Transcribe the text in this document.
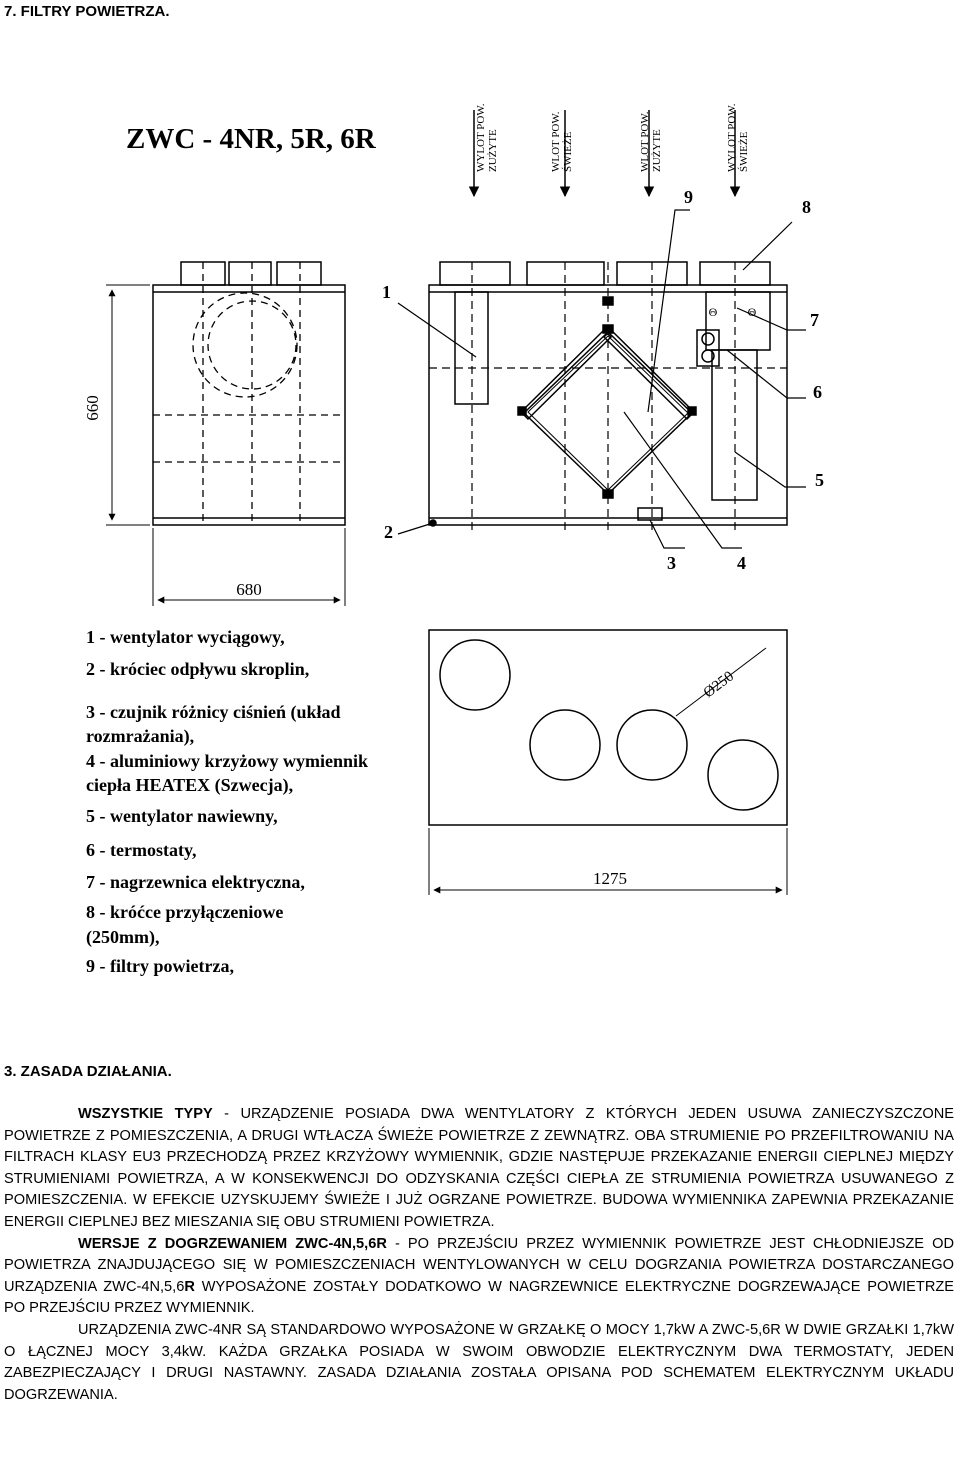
7. FILTRY POWIETRZA.
ZWC - 4NR, 5R, 6R
660
680
Θ	Θ
WYLOT POW. ZUŻYTE	WLOT POW. ŚWIEŻE	WLOT POW. ZUŻYTE	WYLOT POW. ŚWIEŻE
1
2
3	4
5
6
7
8
9
Ø250
1275
1 - wentylator wyciągowy,
2 - króciec odpływu skroplin,
3 - czujnik różnicy ciśnień (układ
rozmrażania),
4 - aluminiowy krzyżowy wymiennik
ciepła HEATEX (Szwecja),
5 - wentylator nawiewny,
6 - termostaty,
7 - nagrzewnica elektryczna,
8 - króćce przyłączeniowe
(250mm),
9 - filtry powietrza,
3. ZASADA DZIAŁANIA.

WSZYSTKIE TYPY - URZĄDZENIE POSIADA DWA WENTYLATORY Z KTÓRYCH JEDEN USUWA ZANIECZYSZCZONE POWIETRZE Z POMIESZCZENIA, A DRUGI WTŁACZA ŚWIEŻE POWIETRZE Z ZEWNĄTRZ. OBA STRUMIENIE PO PRZEFILTROWANIU NA FILTRACH KLASY EU3 PRZECHODZĄ PRZEZ KRZYŻOWY WYMIENNIK, GDZIE NASTĘPUJE PRZEKAZANIE ENERGII CIEPLNEJ MIĘDZY STRUMIENIAMI POWIETRZA, A W KONSEKWENCJI DO ODZYSKANIA CZĘŚCI CIEPŁA ZE STRUMIENIA POWIETRZA USUWANEGO Z POMIESZCZENIA. W EFEKCIE UZYSKUJEMY ŚWIEŻE I JUŻ OGRZANE POWIETRZE. BUDOWA WYMIENNIKA ZAPEWNIA PRZEKAZANIE ENERGII CIEPLNEJ BEZ MIESZANIA SIĘ OBU STRUMIENI POWIETRZA.

WERSJE Z DOGRZEWANIEM ZWC-4N,5,6R - PO PRZEJŚCIU PRZEZ WYMIENNIK POWIETRZE JEST CHŁODNIEJSZE OD POWIETRZA ZNAJDUJĄCEGO SIĘ W POMIESZCZENIACH WENTYLOWANYCH W CELU DOGRZANIA POWIETRZA DOSTARCZANEGO URZĄDZENIA ZWC-4N,5,6R WYPOSAŻONE ZOSTAŁY DODATKOWO W NAGRZEWNICE ELEKTRYCZNE DOGRZEWAJĄCE POWIETRZE PO PRZEJŚCIU PRZEZ WYMIENNIK.

URZĄDZENIA ZWC-4NR SĄ STANDARDOWO WYPOSAŻONE W GRZAŁKĘ O MOCY 1,7kW A ZWC-5,6R W DWIE GRZAŁKI 1,7kW O ŁĄCZNEJ MOCY 3,4kW. KAŻDA GRZAŁKA POSIADA W SWOIM OBWODZIE ELEKTRYCZNYM DWA TERMOSTATY, JEDEN ZABEZPIECZAJĄCY I DRUGI NASTAWNY. ZASADA DZIAŁANIA ZOSTAŁA OPISANA POD SCHEMATEM ELEKTRYCZNYM UKŁADU DOGRZEWANIA.
